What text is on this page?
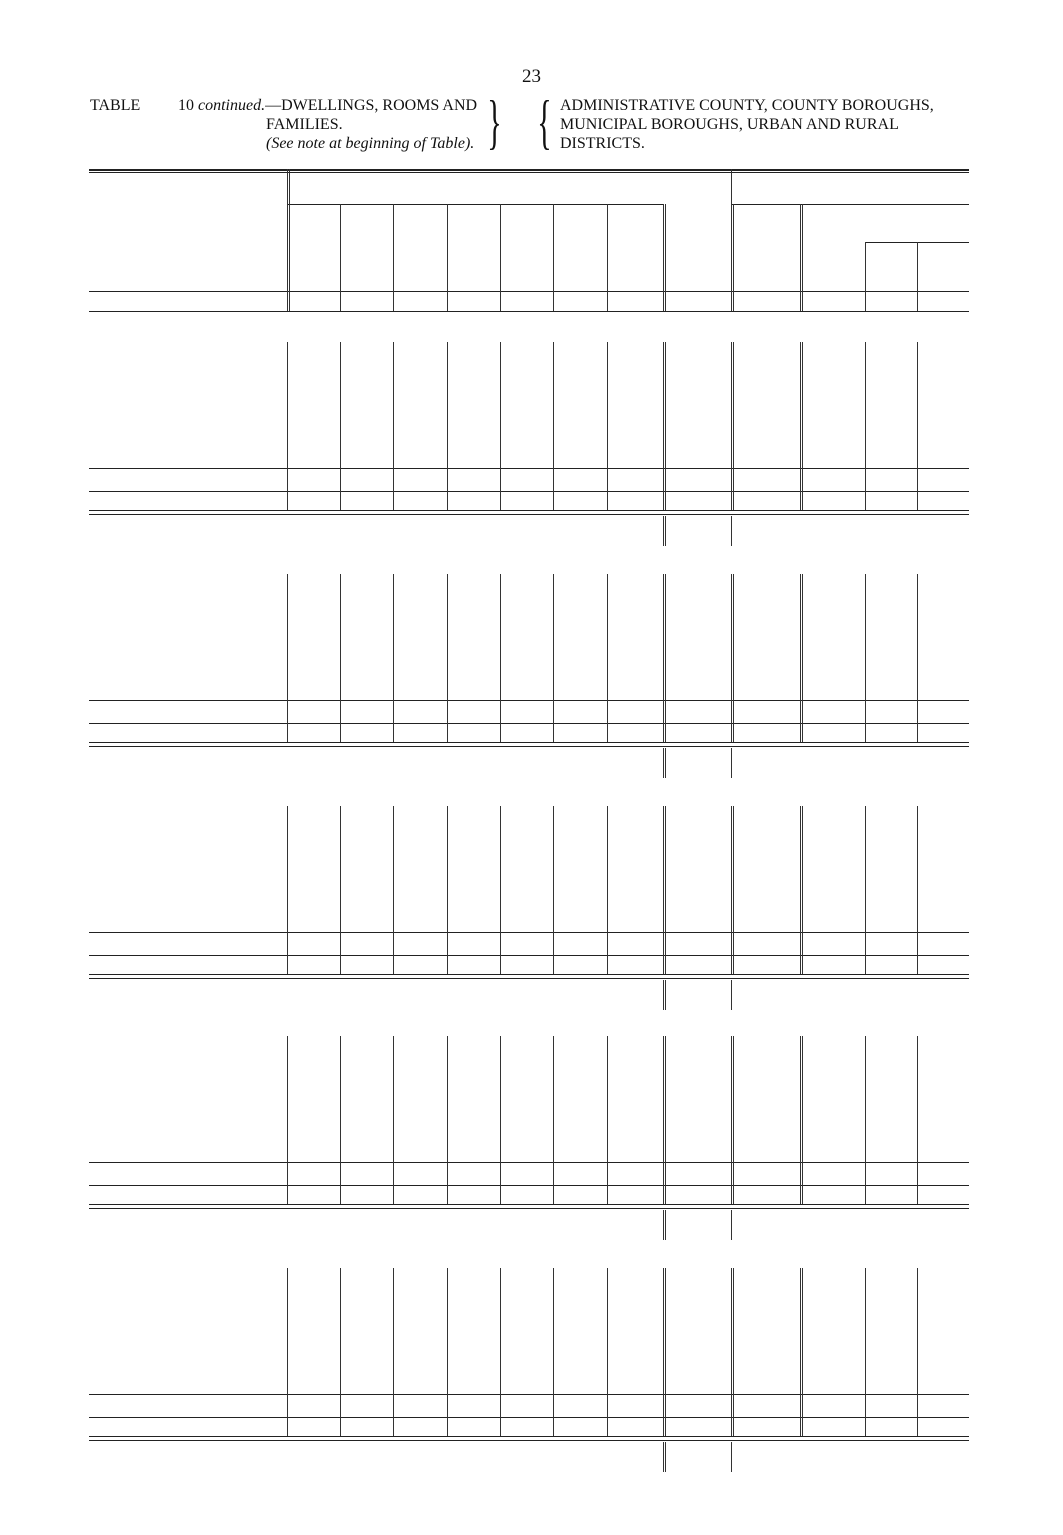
23
TABLE 10 continued.—DWELLINGS, ROOMS AND
FAMILIES.
(See note at beginning of Table). } { ADMINISTRATIVE COUNTY, COUNTY BOROUGHS,
MUNICIPAL BOROUGHS, URBAN AND RURAL
DISTRICTS.
